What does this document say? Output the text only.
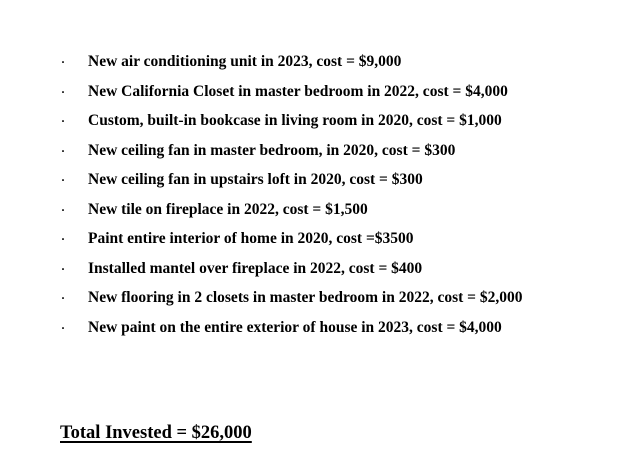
· New air conditioning unit in 2023, cost = $9,000
· New California Closet in master bedroom in 2022, cost = $4,000
· Custom, built-in bookcase in living room in 2020, cost = $1,000
· New ceiling fan in master bedroom, in 2020, cost = $300
· New ceiling fan in upstairs loft in 2020, cost = $300
· New tile on fireplace in 2022, cost = $1,500
· Paint entire interior of home in 2020, cost =$3500
· Installed mantel over fireplace in 2022, cost = $400
· New flooring in 2 closets in master bedroom in 2022, cost = $2,000
· New paint on the entire exterior of house in 2023, cost = $4,000
Total Invested = $26,000
